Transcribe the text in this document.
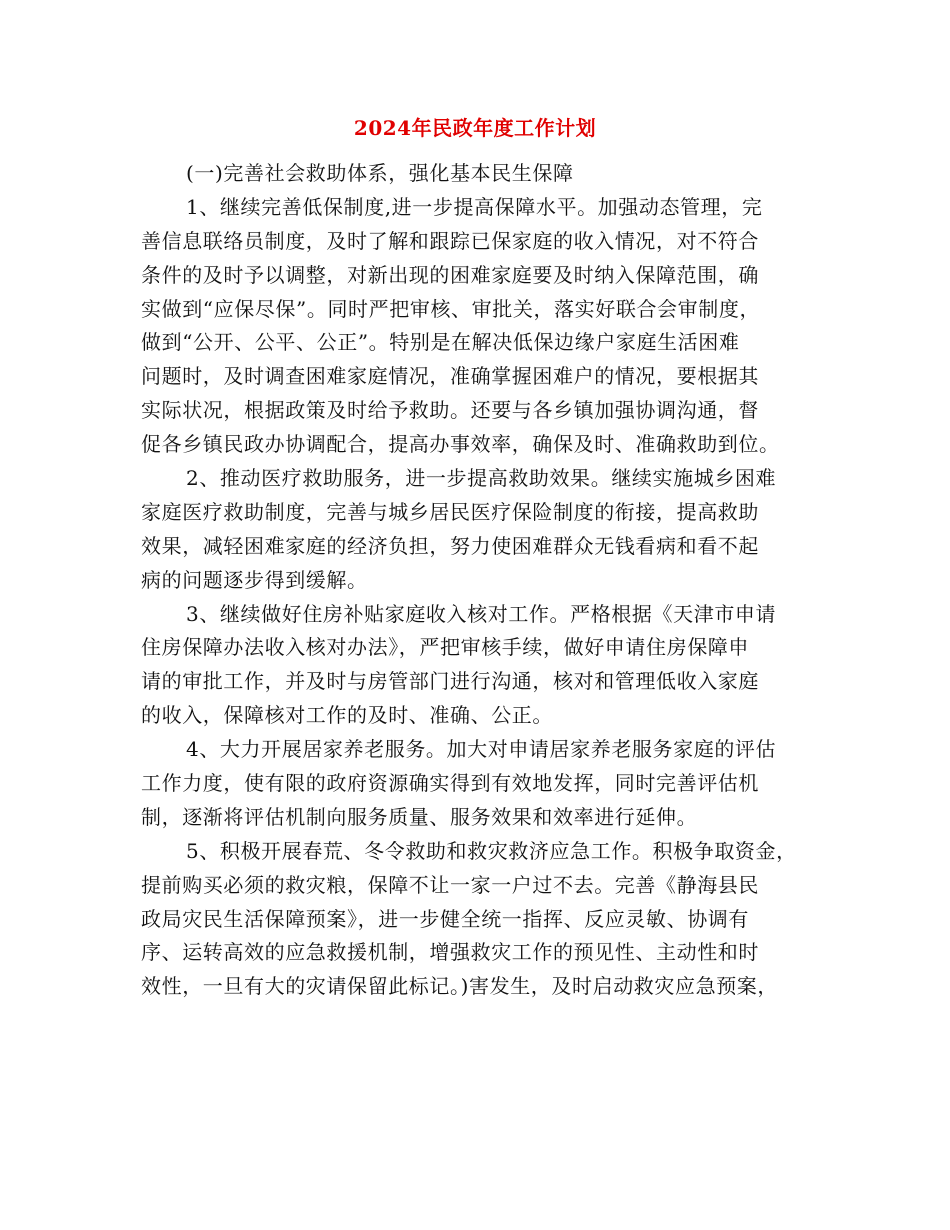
2024年民政年度工作计划
(一)完善社会救助体系，强化基本民生保障
1、继续完善低保制度,进一步提高保障水平。加强动态管理，完
善信息联络员制度，及时了解和跟踪已保家庭的收入情况，对不符合
条件的及时予以调整，对新出现的困难家庭要及时纳入保障范围，确
实做到“应保尽保”。同时严把审核、审批关，落实好联合会审制度，
做到“公开、公平、公正”。特别是在解决低保边缘户家庭生活困难
问题时，及时调查困难家庭情况，准确掌握困难户的情况，要根据其
实际状况，根据政策及时给予救助。还要与各乡镇加强协调沟通，督
促各乡镇民政办协调配合，提高办事效率，确保及时、准确救助到位。
2、推动医疗救助服务，进一步提高救助效果。继续实施城乡困难
家庭医疗救助制度，完善与城乡居民医疗保险制度的衔接，提高救助
效果，减轻困难家庭的经济负担，努力使困难群众无钱看病和看不起
病的问题逐步得到缓解。
3、继续做好住房补贴家庭收入核对工作。严格根据《天津市申请
住房保障办法收入核对办法》，严把审核手续，做好申请住房保障申
请的审批工作，并及时与房管部门进行沟通，核对和管理低收入家庭
的收入，保障核对工作的及时、准确、公正。
4、大力开展居家养老服务。加大对申请居家养老服务家庭的评估
工作力度，使有限的政府资源确实得到有效地发挥，同时完善评估机
制，逐渐将评估机制向服务质量、服务效果和效率进行延伸。
5、积极开展春荒、冬令救助和救灾救济应急工作。积极争取资金，
提前购买必须的救灾粮，保障不让一家一户过不去。完善《静海县民
政局灾民生活保障预案》，进一步健全统一指挥、反应灵敏、协调有
序、运转高效的应急救援机制，增强救灾工作的预见性、主动性和时
效性，一旦有大的灾请保留此标记。)害发生，及时启动救灾应急预案，
